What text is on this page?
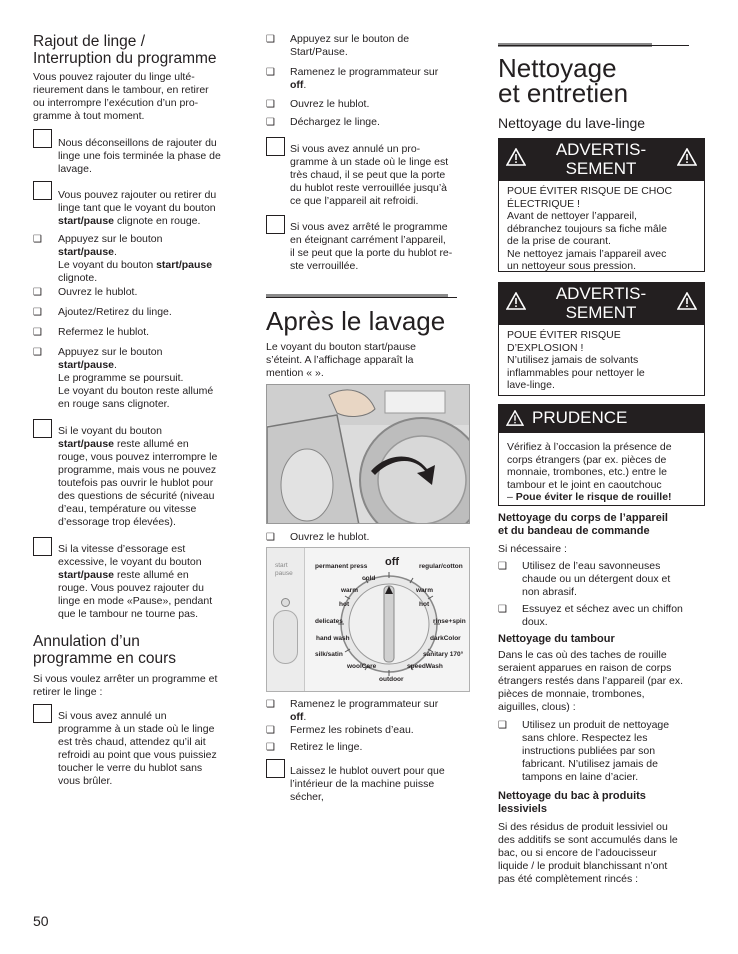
Rajout de linge /
Interruption du programme

Vous pouvez rajouter du linge ulté-
rieurement dans le tambour, en retirer
ou interrompre l’exécution d’un pro-
gramme à tout moment.

Nous déconseillons de rajouter du
linge une fois terminée la phase de
lavage.
Vous pouvez rajouter ou retirer du
linge tant que le voyant du bouton
start/pause clignote en rouge.
❑ Appuyez sur le bouton
start/pause.
Le voyant du bouton start/pause
clignote.
❑ Ouvrez le hublot.
❑ Ajoutez/Retirez du linge.
❑ Refermez le hublot.
❑ Appuyez sur le bouton
start/pause.
Le programme se poursuit.
Le voyant du bouton reste allumé
en rouge sans clignoter.
Si le voyant du bouton
start/pause reste allumé en
rouge, vous pouvez interrompre le
programme, mais vous ne pouvez
toutefois pas ouvrir le hublot pour
des questions de sécurité (niveau
d’eau, température ou vitesse
d’essorage trop élevées).
Si la vitesse d’essorage est
excessive, le voyant du bouton
start/pause reste allumé en
rouge. Vous pouvez rajouter du
linge en mode «Pause», pendant
que le tambour ne tourne pas.
Annulation d’un
programme en cours

Si vous voulez arrêter un programme et
retirer le linge :

Si vous avez annulé un
programme à un stade où le linge
est très chaud, attendez qu’il ait
refroidi au point que vous puissiez
toucher le verre du hublot sans
vous brûler.
❑ Appuyez sur le bouton de
Start/Pause.
❑ Ramenez le programmateur sur
off.
❑ Ouvrez le hublot.
❑ Déchargez le linge.
Si vous avez annulé un pro-
gramme à un stade où le linge est
très chaud, il se peut que la porte
du hublot reste verrouillée jusqu’à
ce que l’appareil ait refroidi.
Si vous avez arrêté le programme
en éteignant carrément l’appareil,
il se peut que la porte du hublot re-
ste verrouillée.
Après le lavage

Le voyant du bouton start/pause
s’éteint. A l’affichage apparaît la
mention « ».

❑ Ouvrez le hublot.
start
pause
permanent press off	regular/cotton
cold
warm	warm
hot	hot
delicates	rinse+spin
hand wash	darkColor
silk/satin	sanitary 170°
woolCare	speedWash
outdoor
❑ Ramenez le programmateur sur
off.
❑ Fermez les robinets d’eau.
❑ Retirez le linge.
Laissez le hublot ouvert pour que
l’intérieur de la machine puisse
sécher,
Nettoyage
et entretien
Nettoyage du lave-linge
ADVERTIS-
SEMENT
POUE ÉVITER RISQUE DE CHOC
ÉLECTRIQUE !
Avant de nettoyer l’appareil,
débranchez toujours sa fiche mâle
de la prise de courant.
Ne nettoyez jamais l’appareil avec
un nettoyeur sous pression.
ADVERTIS-
SEMENT
POUE ÉVITER RISQUE
D’EXPLOSION !
N’utilisez jamais de solvants
inflammables pour nettoyer le
lave-linge.
PRUDENCE
Vérifiez à l’occasion la présence de
corps étrangers (par ex. pièces de
monnaie, trombones, etc.) entre le
tambour et le joint en caoutchouc
– Poue éviter le risque de rouille!
Nettoyage du corps de l’appareil
et du bandeau de commande

Si nécessaire :

❑ Utilisez de l’eau savonneuses
chaude ou un détergent doux et
non abrasif.
❑ Essuyez et séchez avec un chiffon
doux.
Nettoyage du tambour

Dans le cas où des taches de rouille
seraient apparues en raison de corps
étrangers restés dans l’appareil (par ex.
pièces de monnaie, trombones,
aiguilles, clous) :

❑ Utilisez un produit de nettoyage
sans chlore. Respectez les
instructions publiées par son
fabricant. N’utilisez jamais de
tampons en laine d’acier.
Nettoyage du bac à produits
lessiviels

Si des résidus de produit lessiviel ou
des additifs se sont accumulés dans le
bac, ou si encore de l’adoucisseur
liquide / le produit blanchissant n’ont
pas été complètement rincés :

50
